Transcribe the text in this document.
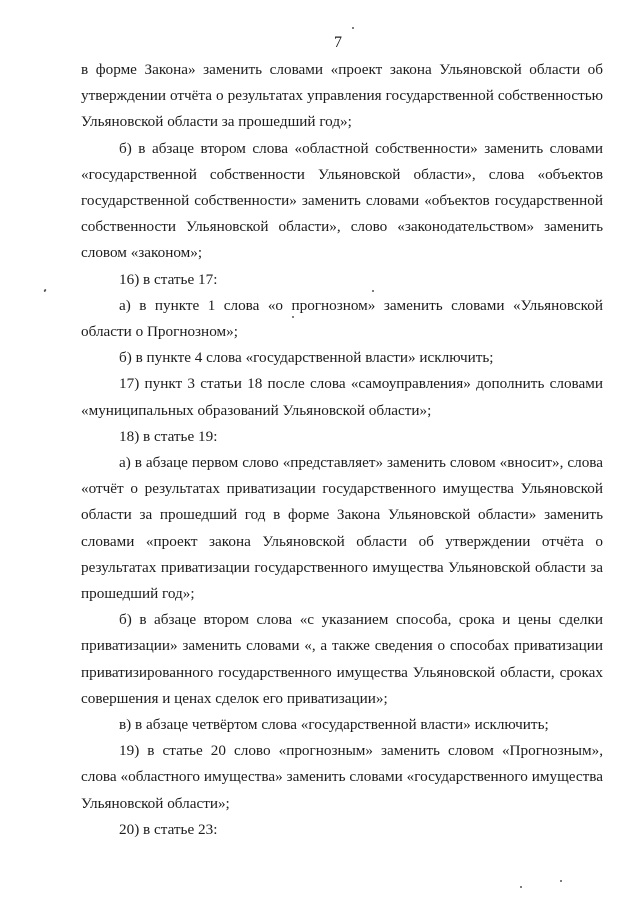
7

в форме Закона» заменить словами «проект закона Ульяновской области об утверждении отчёта о результатах управления государственной собственностью Ульяновской области за прошедший год»;

б) в абзаце втором слова «областной собственности» заменить словами «государственной собственности Ульяновской области», слова «объектов государственной собственности» заменить словами «объектов государственной собственности Ульяновской области», слово «законодательством» заменить словом «законом»;

16) в статье 17:

а) в пункте 1 слова «о прогнозном» заменить словами «Ульяновской области о Прогнозном»;

б) в пункте 4 слова «государственной власти» исключить;

17) пункт 3 статьи 18 после слова «самоуправления» дополнить словами «муниципальных образований Ульяновской области»;

18) в статье 19:

а) в абзаце первом слово «представляет» заменить словом «вносит», слова «отчёт о результатах приватизации государственного имущества Ульяновской области за прошедший год в форме Закона Ульяновской области» заменить словами «проект закона Ульяновской области об утверждении отчёта о результатах приватизации государственного имущества Ульяновской области за прошедший год»;

б) в абзаце втором слова «с указанием способа, срока и цены сделки приватизации» заменить словами «, а также сведения о способах приватизации приватизированного государственного имущества Ульяновской области, сроках совершения и ценах сделок его приватизации»;

в) в абзаце четвёртом слова «государственной власти» исключить;

19) в статье 20 слово «прогнозным» заменить словом «Прогнозным», слова «областного имущества» заменить словами «государственного имущества Ульяновской области»;

20) в статье 23:
